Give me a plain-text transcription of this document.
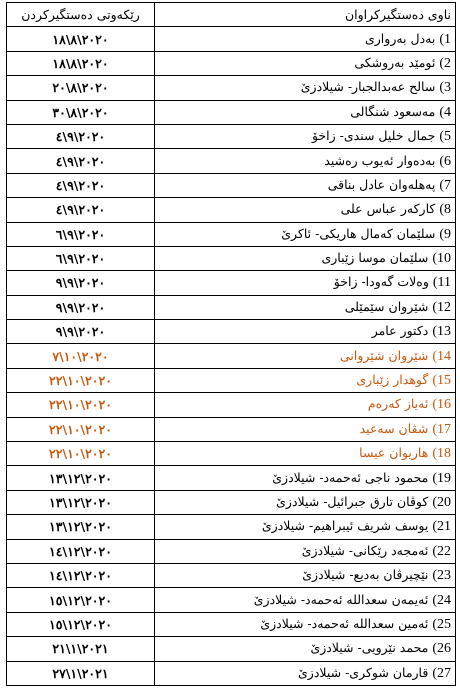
ناوی دەستگیرکراوان	رێکەوتی دەستگیرکردن
1) بەدل بەرواری	٢٠٢٠\٨\١٨
2) ئومێد بەروشکی	٢٠٢٠\٨\١٨
3) سالح عەبدالجبار- شیلادزێ	٢٠٢٠\٨\٢٠
4) مەسعود شنگالی	٢٠٢٠\٨\٣٠
5) جمال خلیل سندی- زاخۆ	٢٠٢٠\٩\٤
6) بەدەوار ئەیوب رەشید	٢٠٢٠\٩\٤
7) پەهلەوان عادل بناقی	٢٠٢٠\٩\٤
8) کارکەر عباس علی	٢٠٢٠\٩\٤
9) سلێمان کەمال هاریکی- ئاکرێ	٢٠٢٠\٩\٦
10) سلێمان موسا زێباری	٢٠٢٠\٩\٦
11) وەلات گەودا- زاخۆ	٢٠٢٠\٩\٩
12) شێروان سێمێلی	٢٠٢٠\٩\٩
13) دکتور عامر	٢٠٢٠\٩\٩
14) شێروان شێروانی	٢٠٢٠\١٠\٧
15) گوهدار زێباری	٢٠٢٠\١٠\٢٢
16) ئەیاز کەرەم	٢٠٢٠\١٠\٢٢
17) شڤان سەعید	٢٠٢٠\١٠\٢٢
18) هاریوان عیسا	٢٠٢٠\١٠\٢٢
19) محمود ناجی ئەحمەد- شیلادزێ	٢٠٢٠\١٢\١٣
20) کوڤان تارق جبرائیل- شیلادزێ	٢٠٢٠\١٢\١٣
21) یوسف شریف ئیبراهیم- شیلادزێ	٢٠٢٠\١٢\١٣
22) ئەمجەد رێکانی- شیلادزێ	٢٠٢٠\١٢\١٤
23) نێچیرڤان بەدیع- شیلادزێ	٢٠٢٠\١٢\١٤
24) ئەیمەن سعدالله ئەحمەد- شیلادزێ	٢٠٢٠\١٢\١٥
25) ئەمین سعدالله ئەحمەد- شیلادزێ	٢٠٢٠\١٢\١٥
26) محمد نێرویی- شیلادزێ	٢٠٢١\١\٢١
27) قارمان شوکری- شیلادزێ	٢٠٢١\١\٢٧
